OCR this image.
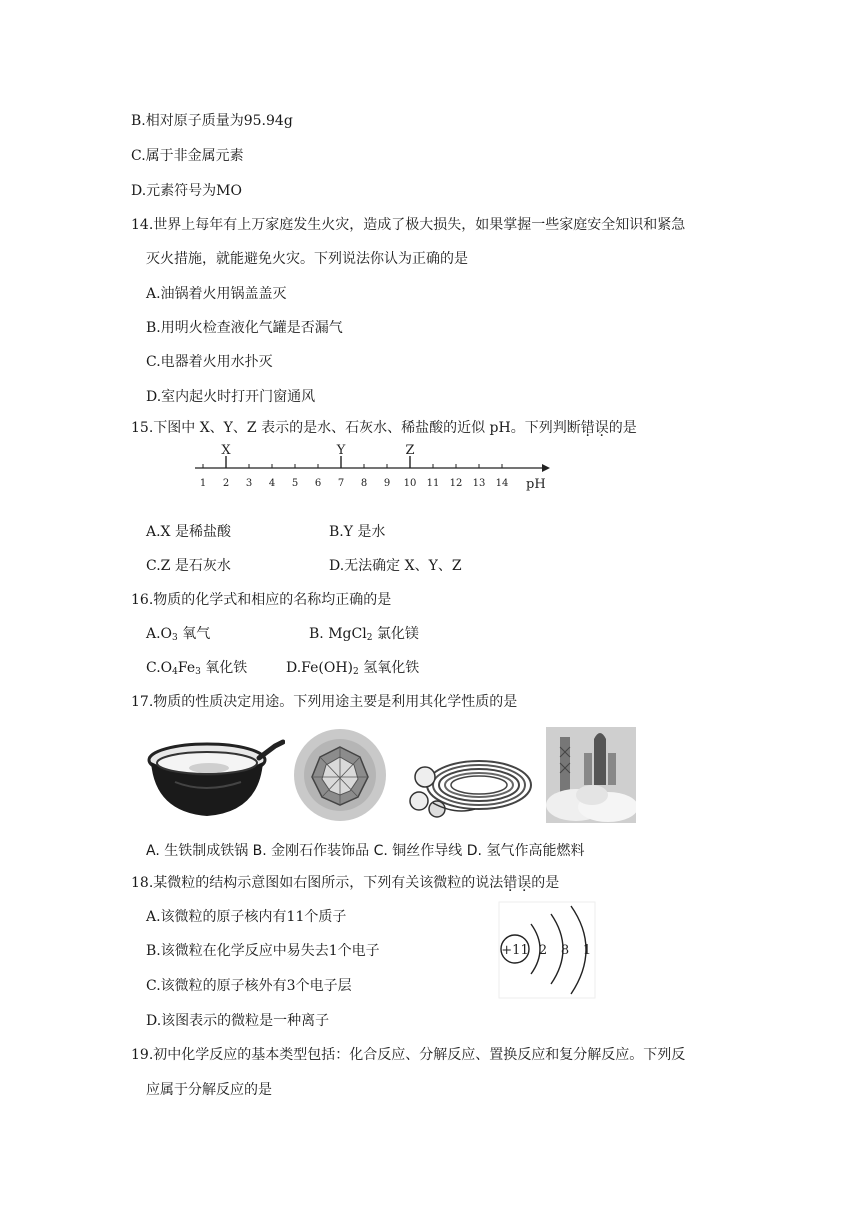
B.相对原子质量为95.94g
C.属于非金属元素
D.元素符号为MO
14.世界上每年有上万家庭发生火灾，造成了极大损失，如果掌握一些家庭安全知识和紧急
灭火措施，就能避免火灾。下列说法你认为正确的是
A.油锅着火用锅盖盖灭
B.用明火检查液化气罐是否漏气
C.电器着火用水扑灭
D.室内起火时打开门窗通风
15.下图中 X、Y、Z 表示的是水、石灰水、稀盐酸的近似 pH。下列判断错误的是
pH
1 2 3 4 5 6 7 8 9 10 11 12 13 14
X	Y	Z
A.X 是稀盐酸	B.Y 是水
C.Z 是石灰水	D.无法确定 X、Y、Z
16.物质的化学式和相应的名称均正确的是
$A.O_3$ 氧气	B. MgCl$_2$ 氯化镁
$C.O_4Fe_3$ 氧化铁	$D.Fe(OH)_2$ 氢氧化铁
17.物质的性质决定用途。下列用途主要是利用其化学性质的是
A. 生铁制成铁锅 B. 金刚石作装饰品 C. 铜丝作导线 D. 氢气作高能燃料
18.某微粒的结构示意图如右图所示，下列有关该微粒的说法错误的是
A.该微粒的原子核内有11个质子
B.该微粒在化学反应中易失去1个电子
C.该微粒的原子核外有3个电子层
D.该图表示的微粒是一种离子
+11 2 8 1
19.初中化学反应的基本类型包括：化合反应、分解反应、置换反应和复分解反应。下列反
应属于分解反应的是
